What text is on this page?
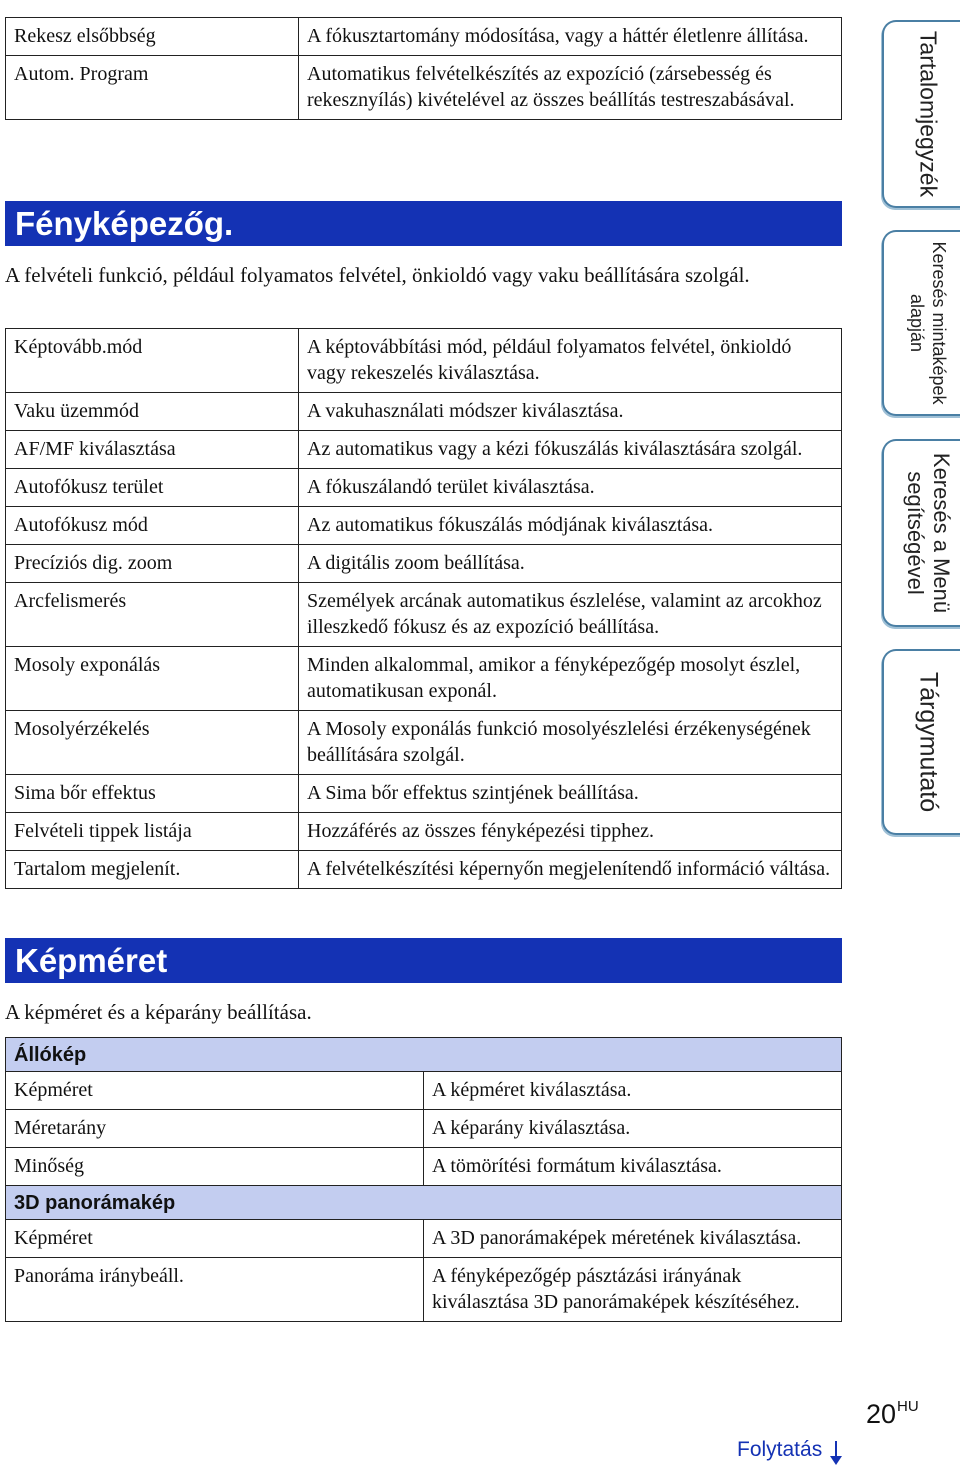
Rekesz elsőbbség	A fókusztartomány módosítása, vagy a háttér életlenre állítása.
Autom. Program	Automatikus felvételkészítés az expozíció (zársebesség és rekesznyílás) kivételével az összes beállítás testreszabásával.
Fényképezőg.
A felvételi funkció, például folyamatos felvétel, önkioldó vagy vaku beállítására szolgál.
Képtovább.mód	A képtovábbítási mód, például folyamatos felvétel, önkioldó vagy rekeszelés kiválasztása.
Vaku üzemmód	A vakuhasználati módszer kiválasztása.
AF/MF kiválasztása	Az automatikus vagy a kézi fókuszálás kiválasztására szolgál.
Autofókusz terület	A fókuszálandó terület kiválasztása.
Autofókusz mód	Az automatikus fókuszálás módjának kiválasztása.
Precíziós dig. zoom	A digitális zoom beállítása.
Arcfelismerés	Személyek arcának automatikus észlelése, valamint az arcokhoz illeszkedő fókusz és az expozíció beállítása.
Mosoly exponálás	Minden alkalommal, amikor a fényképezőgép mosolyt észlel, automatikusan exponál.
Mosolyérzékelés	A Mosoly exponálás funkció mosolyészlelési érzékenységének beállítására szolgál.
Sima bőr effektus	A Sima bőr effektus szintjének beállítása.
Felvételi tippek listája	Hozzáférés az összes fényképezési tipphez.
Tartalom megjelenít.	A felvételkészítési képernyőn megjelenítendő információ váltása.
Képméret
A képméret és a képarány beállítása.
Állókép	
Képméret	A képméret kiválasztása.
Méretarány	A képarány kiválasztása.
Minőség	A tömörítési formátum kiválasztása.
3D panorámakép	
Képméret	A 3D panorámaképek méretének kiválasztása.
Panoráma iránybeáll.	A fényképezőgép pásztázási irányának kiválasztása 3D panorámaképek készítéséhez.
Tartalomjegyzék
Keresés mintaképek
alapján
Keresés a Menü
segítségével
Tárgymutató
$20^{HU}$
Folytatás
